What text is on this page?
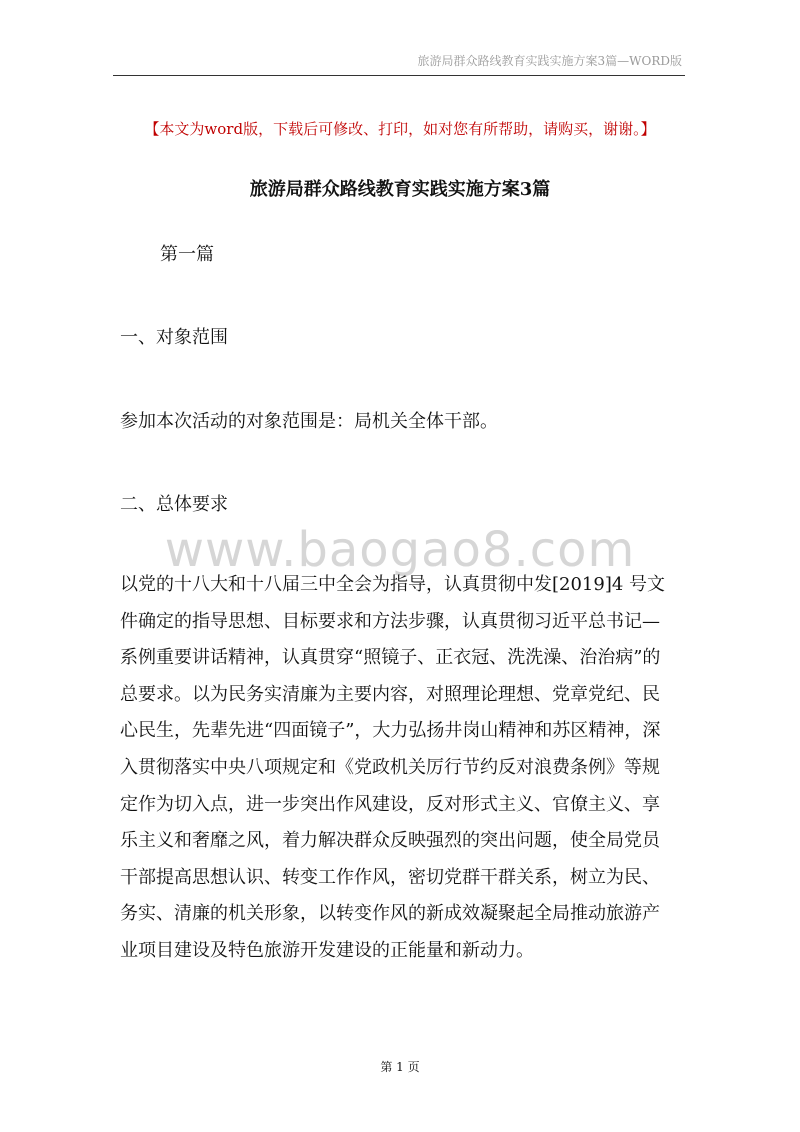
旅游局群众路线教育实践实施方案3篇—WORD版
【本文为word版，下载后可修改、打印，如对您有所帮助，请购买，谢谢。】
旅游局群众路线教育实践实施方案3篇
第一篇
一、对象范围
参加本次活动的对象范围是：局机关全体干部。
二、总体要求
www.baogao8.com
以党的十八大和十八届三中全会为指导，认真贯彻中发[2019]4 号文
件确定的指导思想、目标要求和方法步骤，认真贯彻习近平总书记—
系例重要讲话精神，认真贯穿“照镜子、正衣冠、洗洗澡、治治病”的
总要求。以为民务实清廉为主要内容，对照理论理想、党章党纪、民
心民生，先辈先进“四面镜子”，大力弘扬井岗山精神和苏区精神，深
入贯彻落实中央八项规定和《党政机关厉行节约反对浪费条例》等规
定作为切入点，进一步突出作风建设，反对形式主义、官僚主义、享
乐主义和奢靡之风，着力解决群众反映强烈的突出问题，使全局党员
干部提高思想认识、转变工作作风，密切党群干群关系，树立为民、
务实、清廉的机关形象，以转变作风的新成效凝聚起全局推动旅游产
业项目建设及特色旅游开发建设的正能量和新动力。
第 1 页
